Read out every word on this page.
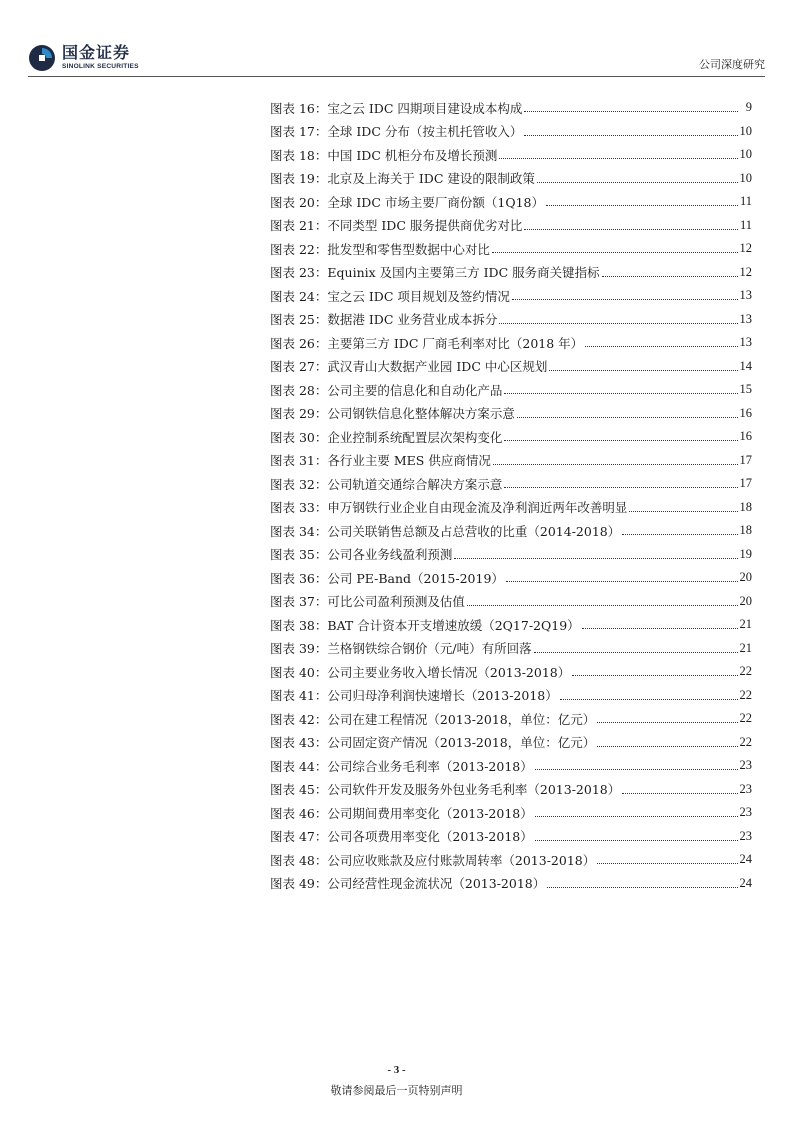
国金证券
SINOLINK SECURITIES	公司深度研究
图表 16： 宝之云 IDC 四期项目建设成本构成	9
图表 17： 全球 IDC 分布（按主机托管收入）	10
图表 18： 中国 IDC 机柜分布及增长预测	10
图表 19： 北京及上海关于 IDC 建设的限制政策	10
图表 20： 全球 IDC 市场主要厂商份额（1Q18）	11
图表 21： 不同类型 IDC 服务提供商优劣对比	11
图表 22： 批发型和零售型数据中心对比	12
图表 23： Equinix 及国内主要第三方 IDC 服务商关键指标	12
图表 24： 宝之云 IDC 项目规划及签约情况	13
图表 25： 数据港 IDC 业务营业成本拆分	13
图表 26： 主要第三方 IDC 厂商毛利率对比（2018 年）	13
图表 27： 武汉青山大数据产业园 IDC 中心区规划	14
图表 28： 公司主要的信息化和自动化产品	15
图表 29： 公司钢铁信息化整体解决方案示意	16
图表 30： 企业控制系统配置层次架构变化	16
图表 31： 各行业主要 MES 供应商情况	17
图表 32： 公司轨道交通综合解决方案示意	17
图表 33： 申万钢铁行业企业自由现金流及净利润近两年改善明显	18
图表 34： 公司关联销售总额及占总营收的比重（2014-2018）	18
图表 35： 公司各业务线盈利预测	19
图表 36： 公司 PE-Band（2015-2019）	20
图表 37： 可比公司盈利预测及估值	20
图表 38： BAT 合计资本开支增速放缓（2Q17-2Q19）	21
图表 39： 兰格钢铁综合钢价（元/吨）有所回落	21
图表 40： 公司主要业务收入增长情况（2013-2018）	22
图表 41： 公司归母净利润快速增长（2013-2018）	22
图表 42： 公司在建工程情况（2013-2018，单位：亿元）	22
图表 43： 公司固定资产情况（2013-2018，单位：亿元）	22
图表 44： 公司综合业务毛利率（2013-2018）	23
图表 45： 公司软件开发及服务外包业务毛利率（2013-2018）	23
图表 46： 公司期间费用率变化（2013-2018）	23
图表 47： 公司各项费用率变化（2013-2018）	23
图表 48： 公司应收账款及应付账款周转率（2013-2018）	24
图表 49： 公司经营性现金流状况（2013-2018）	24
- 3 -
敬请参阅最后一页特别声明
